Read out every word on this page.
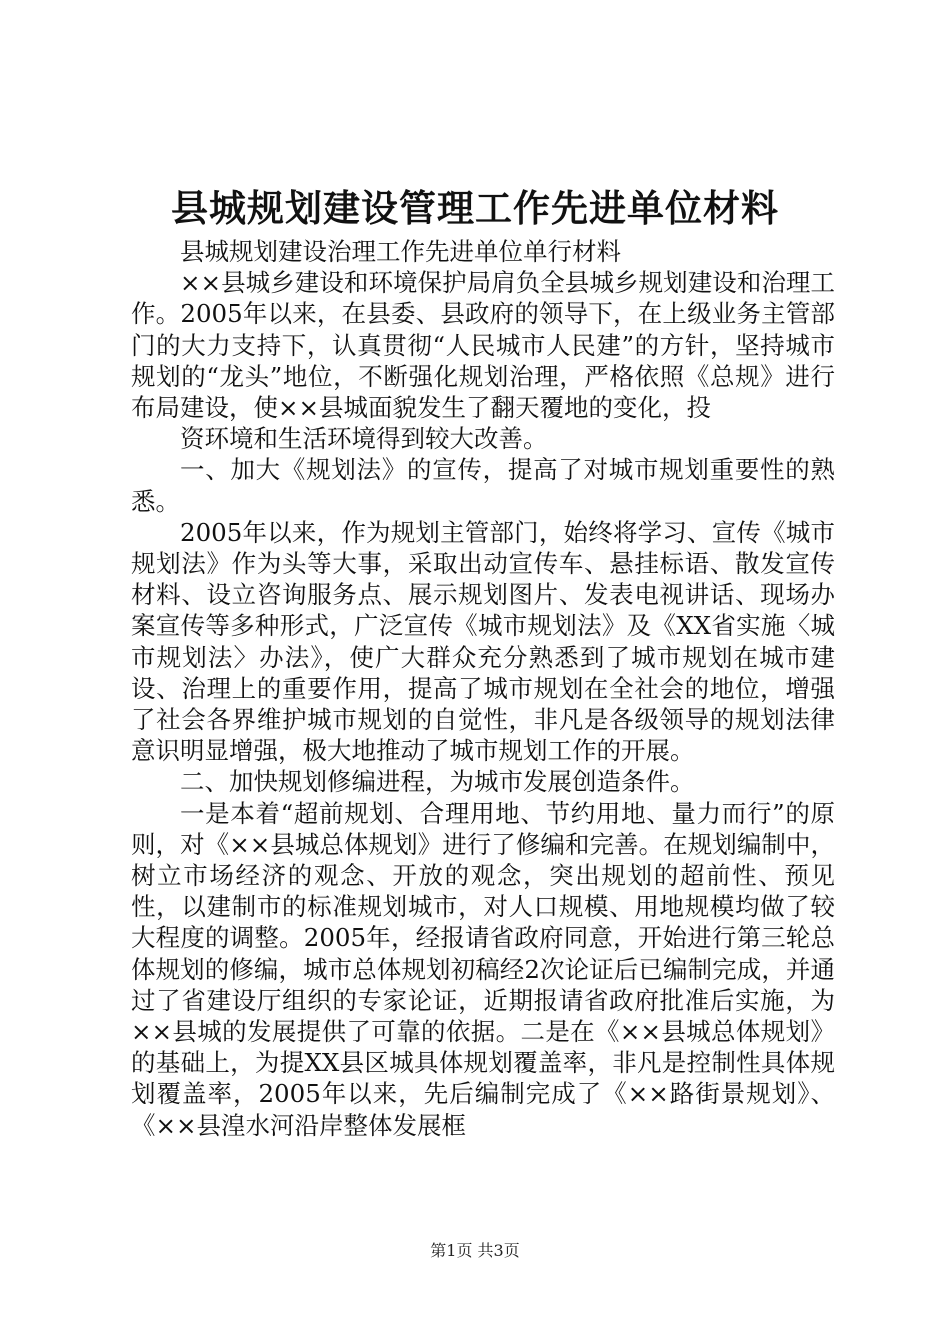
县城规划建设管理工作先进单位材料

县城规划建设治理工作先进单位单行材料

××县城乡建设和环境保护局肩负全县城乡规划建设和治理工作。2005年以来，在县委、县政府的领导下，在上级业务主管部门的大力支持下，认真贯彻“人民城市人民建”的方针，坚持城市规划的“龙头”地位，不断强化规划治理，严格依照《总规》进行布局建设，使××县城面貌发生了翻天覆地的变化，投

资环境和生活环境得到较大改善。

一、加大《规划法》的宣传，提高了对城市规划重要性的熟悉。

2005年以来，作为规划主管部门，始终将学习、宣传《城市规划法》作为头等大事，采取出动宣传车、悬挂标语、散发宣传材料、设立咨询服务点、展示规划图片、发表电视讲话、现场办案宣传等多种形式，广泛宣传《城市规划法》及《XX省实施〈城市规划法〉办法》，使广大群众充分熟悉到了城市规划在城市建设、治理上的重要作用，提高了城市规划在全社会的地位，增强了社会各界维护城市规划的自觉性，非凡是各级领导的规划法律意识明显增强，极大地推动了城市规划工作的开展。

二、加快规划修编进程，为城市发展创造条件。

一是本着“超前规划、合理用地、节约用地、量力而行”的原则，对《××县城总体规划》进行了修编和完善。在规划编制中，树立市场经济的观念、开放的观念，突出规划的超前性、预见性，以建制市的标准规划城市，对人口规模、用地规模均做了较大程度的调整。2005年，经报请省政府同意，开始进行第三轮总体规划的修编，城市总体规划初稿经2次论证后已编制完成，并通过了省建设厅组织的专家论证，近期报请省政府批准后实施，为××县城的发展提供了可靠的依据。二是在《××县城总体规划》的基础上，为提XX县区城具体规划覆盖率，非凡是控制性具体规划覆盖率，2005年以来，先后编制完成了《××路街景规划》、《××县湟水河沿岸整体发展框

第1页 共3页
